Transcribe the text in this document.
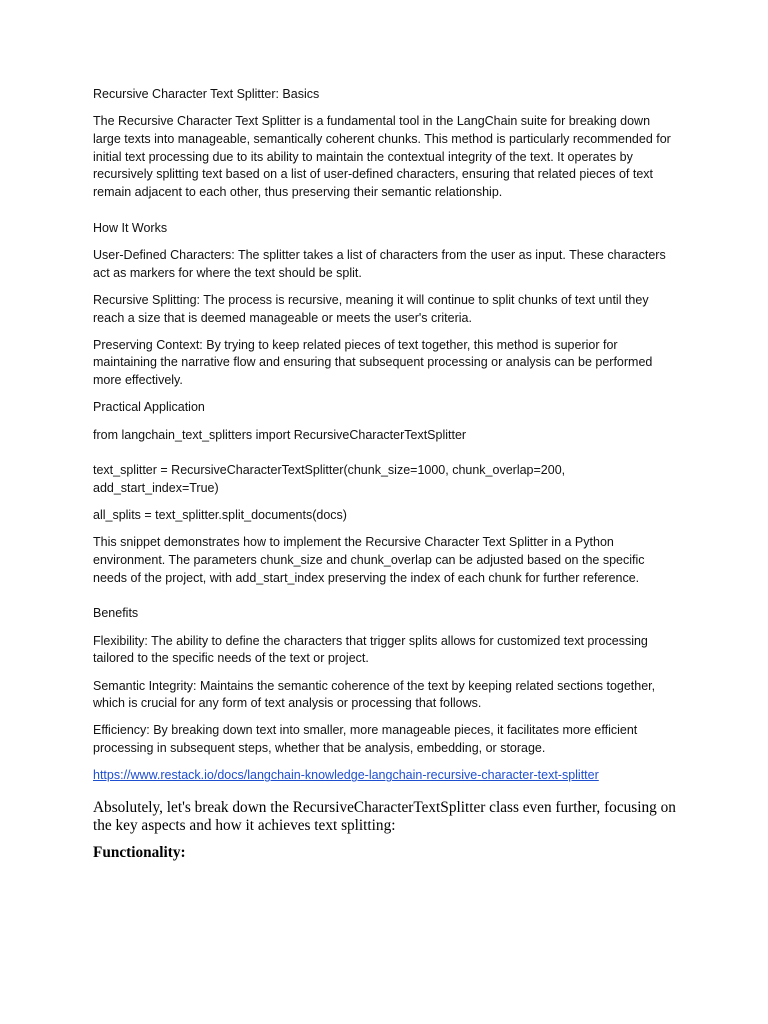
Recursive Character Text Splitter: Basics

The Recursive Character Text Splitter is a fundamental tool in the LangChain suite for breaking down large texts into manageable, semantically coherent chunks. This method is particularly recommended for initial text processing due to its ability to maintain the contextual integrity of the text. It operates by recursively splitting text based on a list of user-defined characters, ensuring that related pieces of text remain adjacent to each other, thus preserving their semantic relationship.

How It Works

User-Defined Characters: The splitter takes a list of characters from the user as input. These characters act as markers for where the text should be split.

Recursive Splitting: The process is recursive, meaning it will continue to split chunks of text until they reach a size that is deemed manageable or meets the user's criteria.

Preserving Context: By trying to keep related pieces of text together, this method is superior for maintaining the narrative flow and ensuring that subsequent processing or analysis can be performed more effectively.

Practical Application

from langchain_text_splitters import RecursiveCharacterTextSplitter

text_splitter = RecursiveCharacterTextSplitter(chunk_size=1000, chunk_overlap=200, add_start_index=True)

all_splits = text_splitter.split_documents(docs)

This snippet demonstrates how to implement the Recursive Character Text Splitter in a Python environment. The parameters chunk_size and chunk_overlap can be adjusted based on the specific needs of the project, with add_start_index preserving the index of each chunk for further reference.

Benefits

Flexibility: The ability to define the characters that trigger splits allows for customized text processing tailored to the specific needs of the text or project.

Semantic Integrity: Maintains the semantic coherence of the text by keeping related sections together, which is crucial for any form of text analysis or processing that follows.

Efficiency: By breaking down text into smaller, more manageable pieces, it facilitates more efficient processing in subsequent steps, whether that be analysis, embedding, or storage.

https://www.restack.io/docs/langchain-knowledge-langchain-recursive-character-text-splitter

Absolutely, let's break down the RecursiveCharacterTextSplitter class even further, focusing on the key aspects and how it achieves text splitting:

Functionality:
